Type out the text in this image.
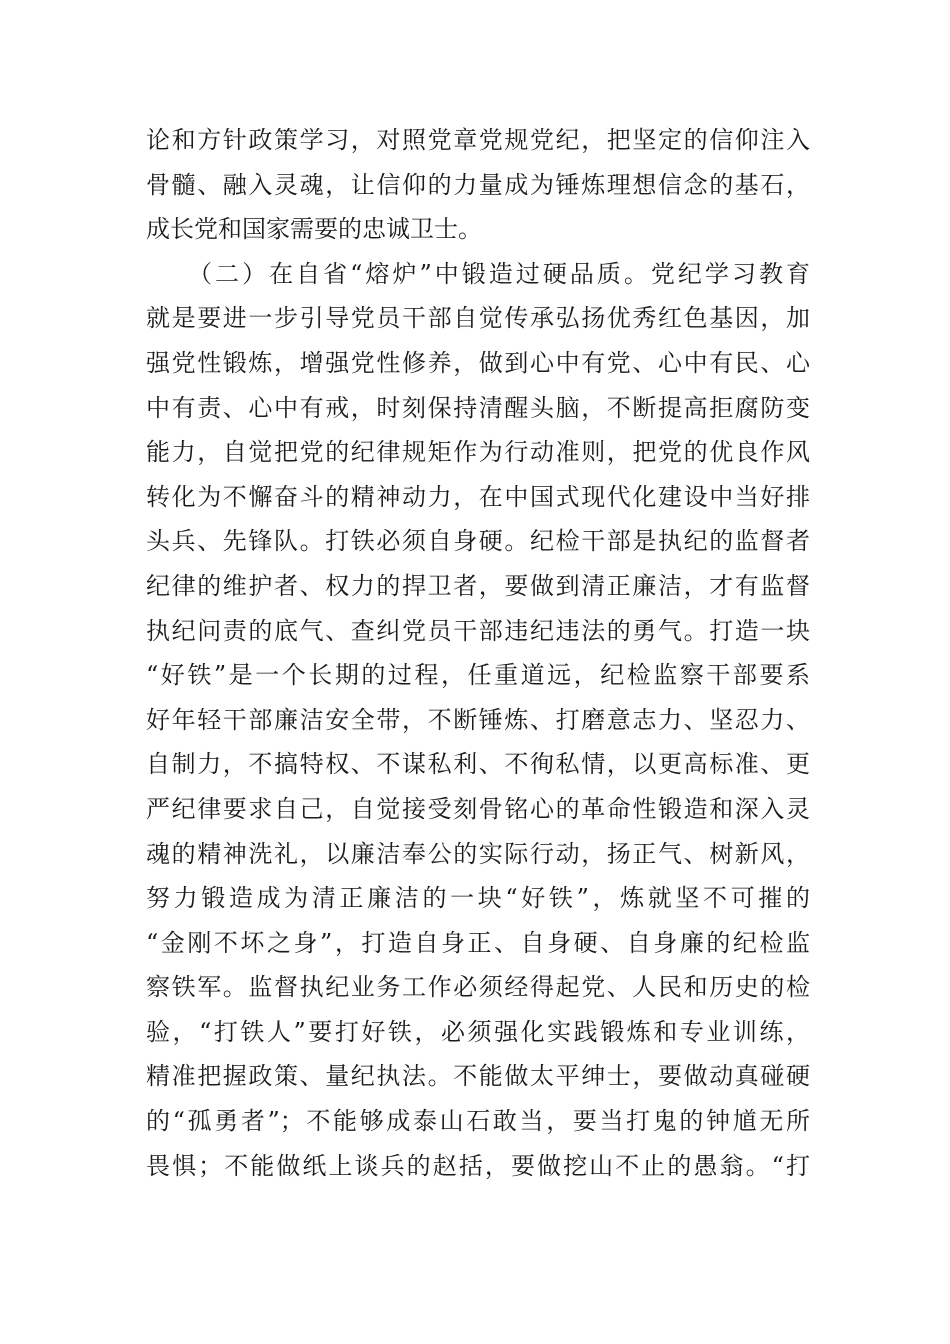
论和方针政策学习，对照党章党规党纪，把坚定的信仰注入
骨髓、融入灵魂，让信仰的力量成为锤炼理想信念的基石，
成长党和国家需要的忠诚卫士。
　　（二）在自省“熔炉”中锻造过硬品质。党纪学习教育
就是要进一步引导党员干部自觉传承弘扬优秀红色基因，加
强党性锻炼，增强党性修养，做到心中有党、心中有民、心
中有责、心中有戒，时刻保持清醒头脑，不断提高拒腐防变
能力，自觉把党的纪律规矩作为行动准则，把党的优良作风
转化为不懈奋斗的精神动力，在中国式现代化建设中当好排
头兵、先锋队。打铁必须自身硬。纪检干部是执纪的监督者
纪律的维护者、权力的捍卫者，要做到清正廉洁，才有监督
执纪问责的底气、查纠党员干部违纪违法的勇气。打造一块
“好铁”是一个长期的过程，任重道远，纪检监察干部要系
好年轻干部廉洁安全带，不断锤炼、打磨意志力、坚忍力、
自制力，不搞特权、不谋私利、不徇私情，以更高标准、更
严纪律要求自己，自觉接受刻骨铭心的革命性锻造和深入灵
魂的精神洗礼，以廉洁奉公的实际行动，扬正气、树新风，
努力锻造成为清正廉洁的一块“好铁”，炼就坚不可摧的
“金刚不坏之身”，打造自身正、自身硬、自身廉的纪检监
察铁军。监督执纪业务工作必须经得起党、人民和历史的检
验，“打铁人”要打好铁，必须强化实践锻炼和专业训练，
精准把握政策、量纪执法。不能做太平绅士，要做动真碰硬
的“孤勇者”；不能够成泰山石敢当，要当打鬼的钟馗无所
畏惧；不能做纸上谈兵的赵括，要做挖山不止的愚翁。“打
